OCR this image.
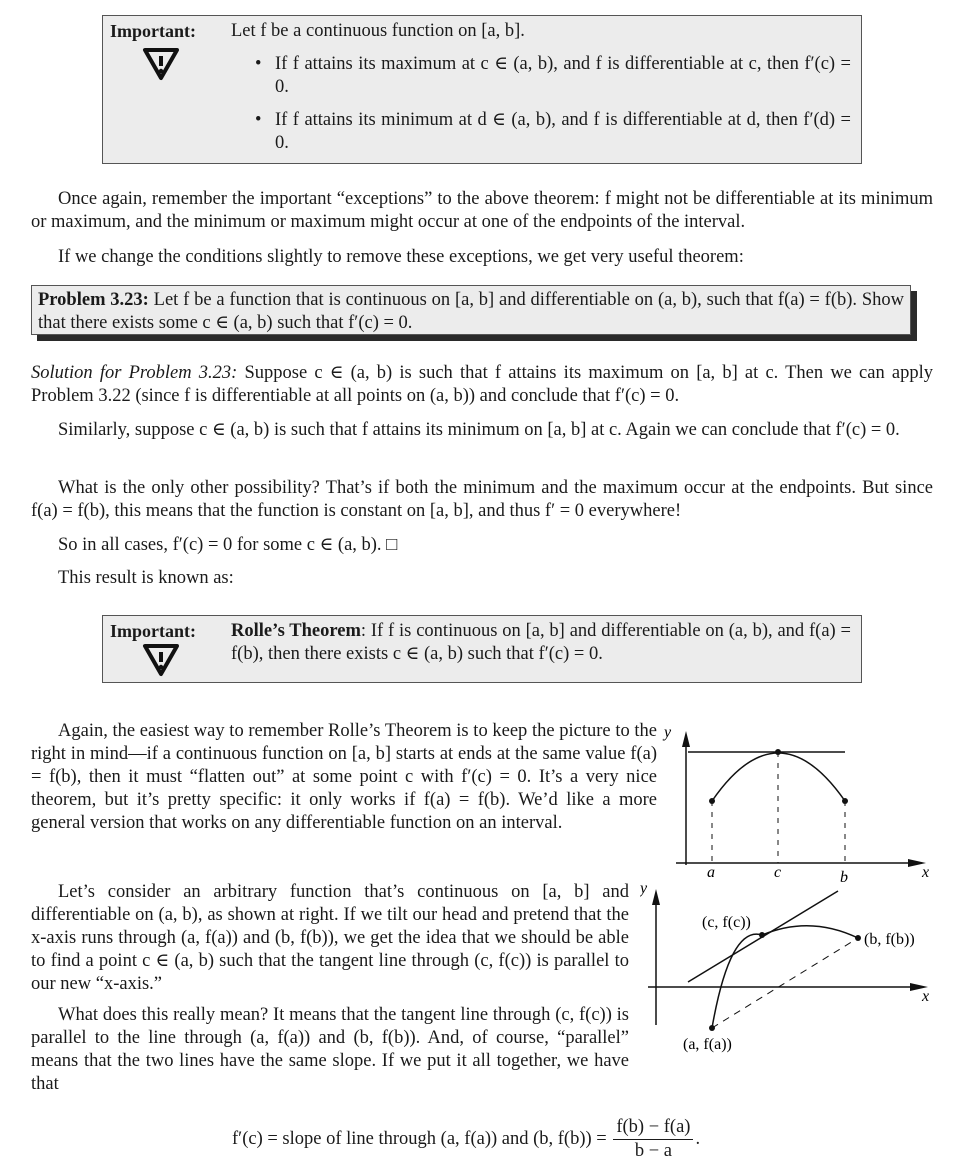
Important: Let f be a continuous function on [a, b].
• If f attains its maximum at c ∈ (a, b), and f is differentiable at c, then f′(c) = 0.
• If f attains its minimum at d ∈ (a, b), and f is differentiable at d, then f′(d) = 0.
Once again, remember the important “exceptions” to the above theorem: f might not be differentiable at its minimum or maximum, and the minimum or maximum might occur at one of the endpoints of the interval.
If we change the conditions slightly to remove these exceptions, we get very useful theorem:
Problem 3.23: Let f be a function that is continuous on [a, b] and differentiable on (a, b), such that f(a) = f(b). Show that there exists some c ∈ (a, b) such that f′(c) = 0.
Solution for Problem 3.23: Suppose c ∈ (a, b) is such that f attains its maximum on [a, b] at c. Then we can apply Problem 3.22 (since f is differentiable at all points on (a, b)) and conclude that f′(c) = 0.
Similarly, suppose c ∈ (a, b) is such that f attains its minimum on [a, b] at c. Again we can conclude that f′(c) = 0.
What is the only other possibility? That’s if both the minimum and the maximum occur at the endpoints. But since f(a) = f(b), this means that the function is constant on [a, b], and thus f′ = 0 everywhere!
So in all cases, f′(c) = 0 for some c ∈ (a, b). □
This result is known as:
Important: Rolle’s Theorem: If f is continuous on [a, b] and differentiable on (a, b), and f(a) = f(b), then there exists c ∈ (a, b) such that f′(c) = 0.
Again, the easiest way to remember Rolle’s Theorem is to keep the picture to the right in mind—if a continuous function on [a, b] starts at ends at the same value f(a) = f(b), then it must “flatten out” at some point c with f′(c) = 0. It’s a very nice theorem, but it’s pretty specific: it only works if f(a) = f(b). We’d like a more general version that works on any differentiable function on an interval.
y
x
a	c	b
Let’s consider an arbitrary function that’s continuous on [a, b] and differentiable on (a, b), as shown at right. If we tilt our head and pretend that the x-axis runs through (a, f(a)) and (b, f(b)), we get the idea that we should be able to find a point c ∈ (a, b) such that the tangent line through (c, f(c)) is parallel to our new “x-axis.”
What does this really mean? It means that the tangent line through (c, f(c)) is parallel to the line through (a, f(a)) and (b, f(b)). And, of course, “parallel” means that the two lines have the same slope. If we put it all together, we have that
y
x
(c, f(c))
(b, f(b))
(a, f(a))
f′(c) = slope of line through (a, f(a)) and (b, $f(b)) = \frac{f(b) - f(a)}{b - a}$ .
